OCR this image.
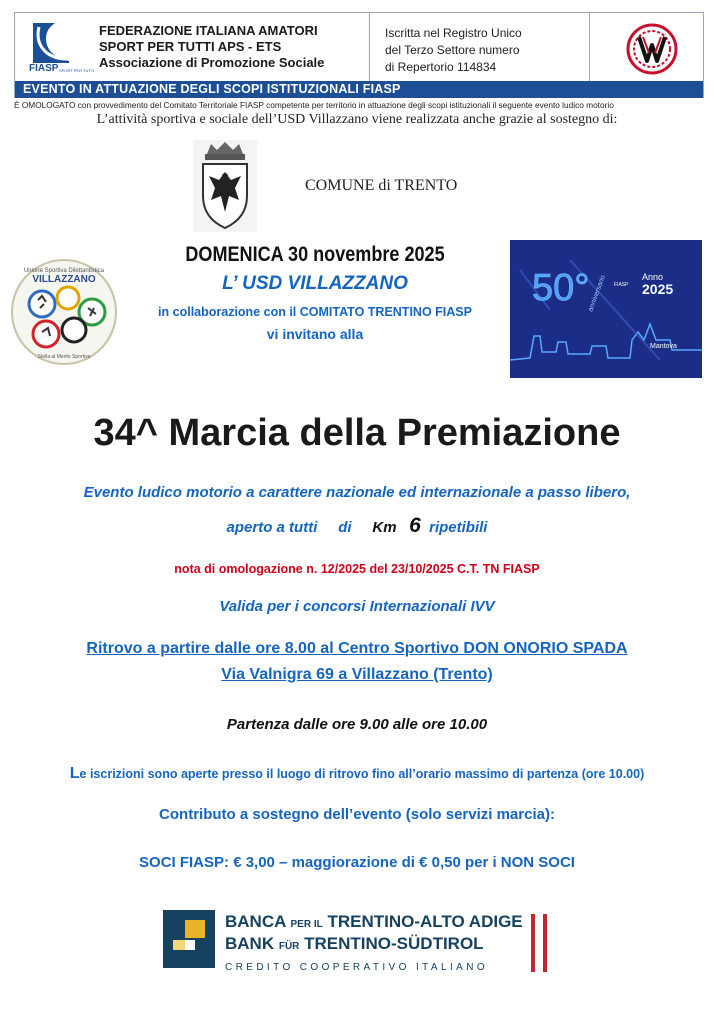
FIASP SPORT PER TUTTI
FEDERAZIONE ITALIANA AMATORI
SPORT PER TUTTI APS - ETS
Associazione di Promozione Sociale
Iscritta nel Registro Unico
del Terzo Settore numero
di Repertorio 114834
EVENTO IN ATTUAZIONE DEGLI SCOPI ISTITUZIONALI FIASP
È OMOLOGATO con provvedimento del Comitato Territoriale FIASP competente per territorio in attuazione degli scopi istituzionali il seguente evento ludico motorio
L’attività sportiva e sociale dell’USD Villazzano viene realizzata anche grazie al sostegno di:
COMUNE di TRENTO
Unione Sportiva Dilettantistica
VILLAZZANO
Stella al Merito Sportivo
50°
anniversario FIASP
Anno
2025
Mantova
DOMENICA 30 novembre 2025
L’ USD VILLAZZANO
in collaborazione con il COMITATO TRENTINO FIASP
vi invitano alla
34^ Marcia della Premiazione
Evento ludico motorio a carattere nazionale ed internazionale a passo libero,
aperto a tutti di Km 6 ripetibili
nota di omologazione n. 12/2025 del 23/10/2025 C.T. TN FIASP
Valida per i concorsi Internazionali IVV
Ritrovo a partire dalle ore 8.00 al Centro Sportivo DON ONORIO SPADA
Via Valnigra 69 a Villazzano (Trento)
Partenza dalle ore 9.00 alle ore 10.00
Le iscrizioni sono aperte presso il luogo di ritrovo fino all’orario massimo di partenza (ore 10.00)
Contributo a sostegno dell’evento (solo servizi marcia):
SOCI FIASP: € 3,00 – maggiorazione di € 0,50 per i NON SOCI
BANCA PER IL TRENTINO-ALTO ADIGE
BANK FÜR TRENTINO-SÜDTIROL
CREDITO COOPERATIVO ITALIANO
